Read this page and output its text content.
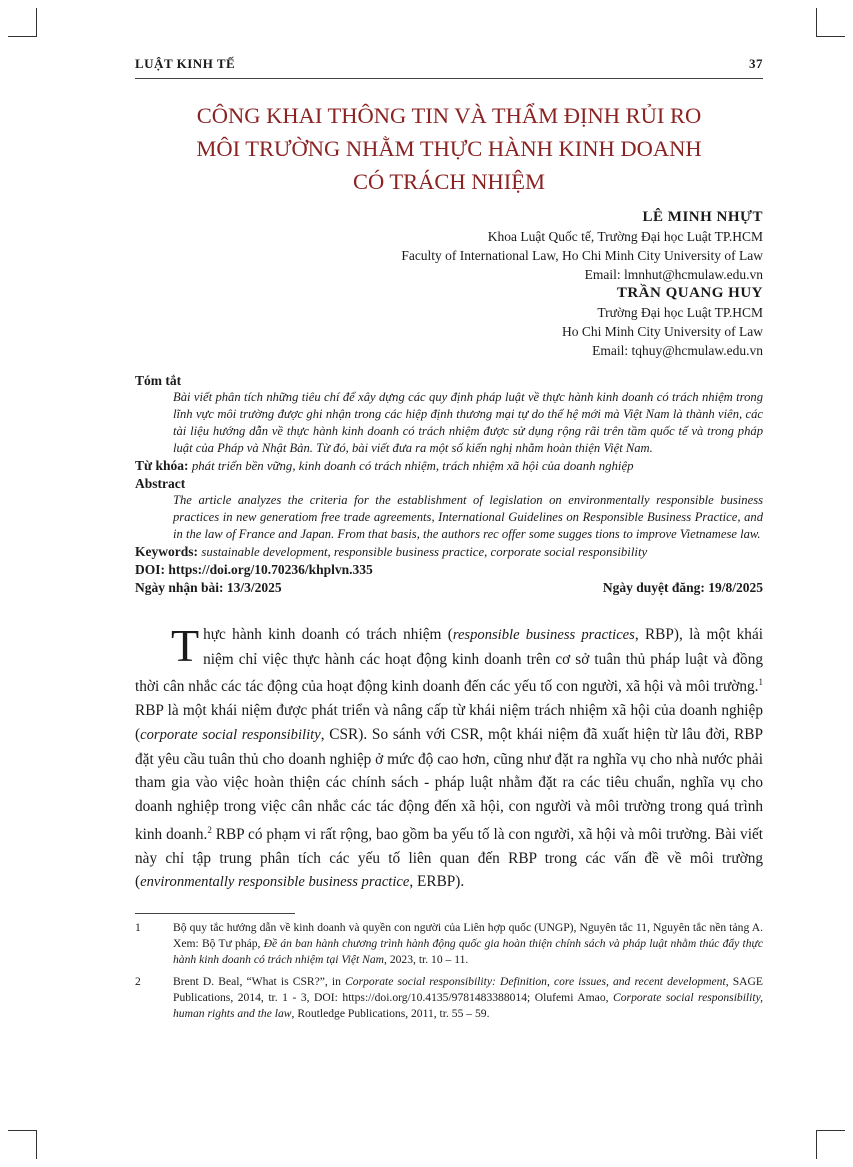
LUẬT KINH TẾ	37
CÔNG KHAI THÔNG TIN VÀ THẨM ĐỊNH RỦI RO
MÔI TRƯỜNG NHẰM THỰC HÀNH KINH DOANH
CÓ TRÁCH NHIỆM
LÊ MINH NHỰT
Khoa Luật Quốc tế, Trường Đại học Luật TP.HCM
Faculty of International Law, Ho Chi Minh City University of Law
Email: lmnhut@hcmulaw.edu.vn
TRẦN QUANG HUY
Trường Đại học Luật TP.HCM
Ho Chi Minh City University of Law
Email: tqhuy@hcmulaw.edu.vn
Tóm tắt
Bài viết phân tích những tiêu chí để xây dựng các quy định pháp luật về thực hành kinh doanh có trách nhiệm trong lĩnh vực môi trường được ghi nhận trong các hiệp định thương mại tự do thế hệ mới mà Việt Nam là thành viên, các tài liệu hướng dẫn về thực hành kinh doanh có trách nhiệm được sử dụng rộng rãi trên tầm quốc tế và trong pháp luật của Pháp và Nhật Bản. Từ đó, bài viết đưa ra một số kiến nghị nhằm hoàn thiện Việt Nam.

Từ khóa: phát triển bền vững, kinh doanh có trách nhiệm, trách nhiệm xã hội của doanh nghiệp

Abstract
The article analyzes the criteria for the establishment of legislation on environmentally responsible business practices in new generatiom free trade agreements, International Guidelines on Responsible Business Practice, and in the law of France and Japan. From that basis, the authors rec offer some sugges tions to improve Vietnamese law.

Keywords: sustainable development, responsible business practice, corporate social responsibility

DOI: https://doi.org/10.70236/khplvn.335
Ngày nhận bài: 13/3/2025	Ngày duyệt đăng: 19/8/2025
Thực hành kinh doanh có trách nhiệm (responsible business practices, RBP), là một khái niệm chỉ việc thực hành các hoạt động kinh doanh trên cơ sở tuân thủ pháp luật và đồng thời cân nhắc các tác động của hoạt động kinh doanh đến các yếu tố con người, xã hội và môi trường.$^1$ RBP là một khái niệm được phát triển và nâng cấp từ khái niệm trách nhiệm xã hội của doanh nghiệp (corporate social responsibility, CSR). So sánh với CSR, một khái niệm đã xuất hiện từ lâu đời, RBP đặt yêu cầu tuân thủ cho doanh nghiệp ở mức độ cao hơn, cũng như đặt ra nghĩa vụ cho nhà nước phải tham gia vào việc hoàn thiện các chính sách - pháp luật nhằm đặt ra các tiêu chuẩn, nghĩa vụ cho doanh nghiệp trong việc cân nhắc các tác động đến xã hội, con người và môi trường trong quá trình kinh doanh.$^2$ RBP có phạm vi rất rộng, bao gồm ba yếu tố là con người, xã hội và môi trường. Bài viết này chỉ tập trung phân tích các yếu tố liên quan đến RBP trong các vấn đề về môi trường (environmentally responsible business practice, ERBP).
1	Bộ quy tắc hướng dẫn về kinh doanh và quyền con người của Liên hợp quốc (UNGP), Nguyên tắc 11, Nguyên tắc nền tảng A. Xem: Bộ Tư pháp, Đề án ban hành chương trình hành động quốc gia hoàn thiện chính sách và pháp luật nhằm thúc đẩy thực hành kinh doanh có trách nhiệm tại Việt Nam, 2023, tr. 10 – 11.
2	Brent D. Beal, “What is CSR?”, in Corporate social responsibility: Definition, core issues, and recent development, SAGE Publications, 2014, tr. 1 - 3, DOI: https://doi.org/10.4135/9781483388014; Olufemi Amao, Corporate social responsibility, human rights and the law, Routledge Publications, 2011, tr. 55 – 59.
